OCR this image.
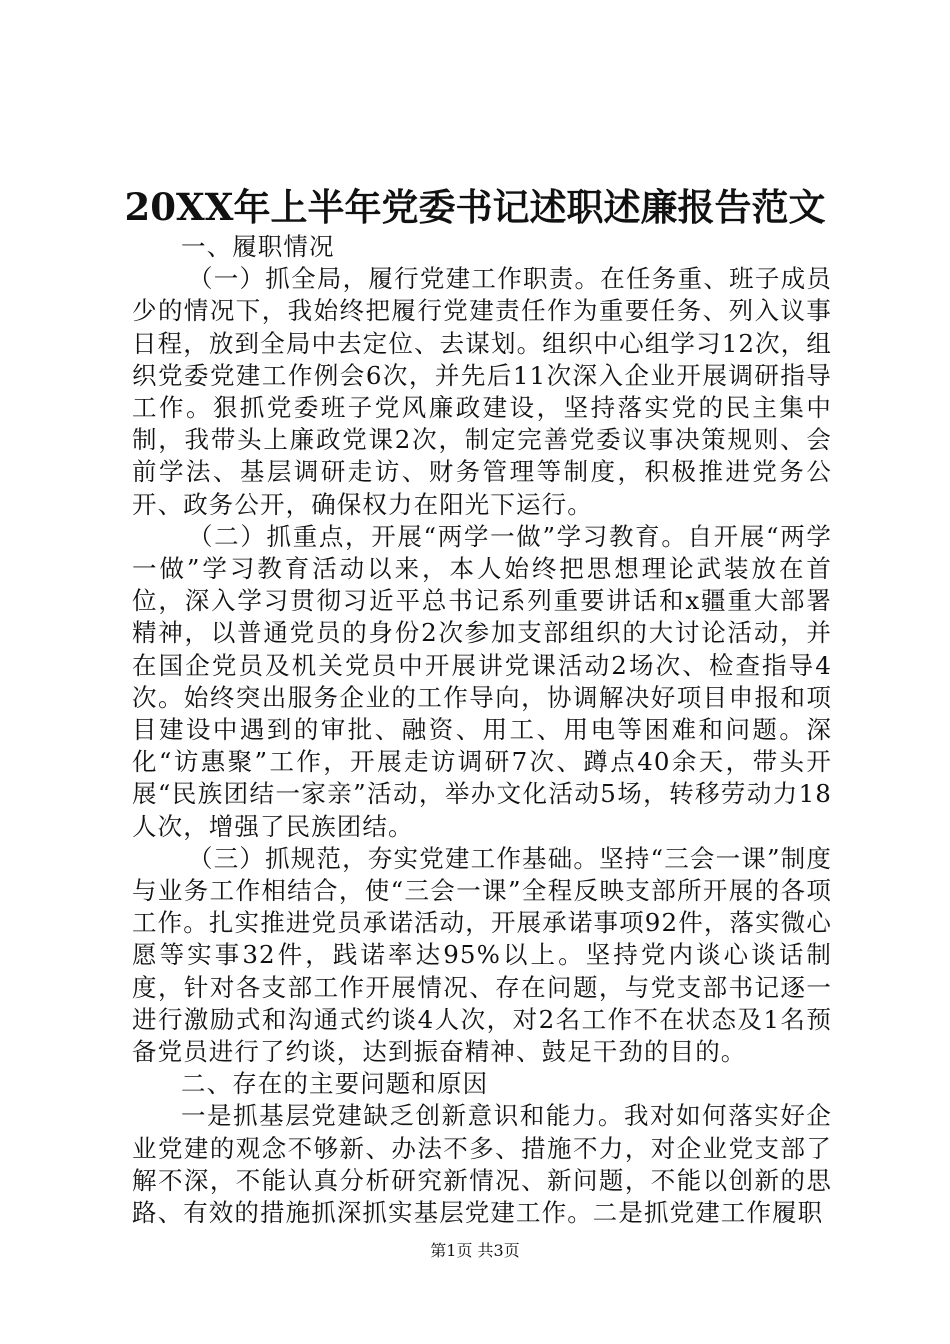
20XX年上半年党委书记述职述廉报告范文

一、履职情况

（一）抓全局，履行党建工作职责。在任务重、班子成员少的情况下，我始终把履行党建责任作为重要任务、列入议事日程，放到全局中去定位、去谋划。组织中心组学习12次，组织党委党建工作例会6次，并先后11次深入企业开展调研指导工作。狠抓党委班子党风廉政建设，坚持落实党的民主集中制，我带头上廉政党课2次，制定完善党委议事决策规则、会前学法、基层调研走访、财务管理等制度，积极推进党务公开、政务公开，确保权力在阳光下运行。

（二）抓重点，开展“两学一做”学习教育。自开展“两学一做”学习教育活动以来，本人始终把思想理论武装放在首位，深入学习贯彻习近平总书记系列重要讲话和x疆重大部署精神，以普通党员的身份2次参加支部组织的大讨论活动，并在国企党员及机关党员中开展讲党课活动2场次、检查指导4次。始终突出服务企业的工作导向，协调解决好项目申报和项目建设中遇到的审批、融资、用工、用电等困难和问题。深化“访惠聚”工作，开展走访调研7次、蹲点40余天，带头开展“民族团结一家亲”活动，举办文化活动5场，转移劳动力18人次，增强了民族团结。

（三）抓规范，夯实党建工作基础。坚持“三会一课”制度与业务工作相结合，使“三会一课”全程反映支部所开展的各项工作。扎实推进党员承诺活动，开展承诺事项92件，落实微心愿等实事32件，践诺率达95%以上。坚持党内谈心谈话制度，针对各支部工作开展情况、存在问题，与党支部书记逐一进行激励式和沟通式约谈4人次，对2名工作不在状态及1名预备党员进行了约谈，达到振奋精神、鼓足干劲的目的。

二、存在的主要问题和原因

一是抓基层党建缺乏创新意识和能力。我对如何落实好企业党建的观念不够新、办法不多、措施不力，对企业党支部了解不深，不能认真分析研究新情况、新问题，不能以创新的思路、有效的措施抓深抓实基层党建工作。二是抓党建工作履职

第1页 共3页
